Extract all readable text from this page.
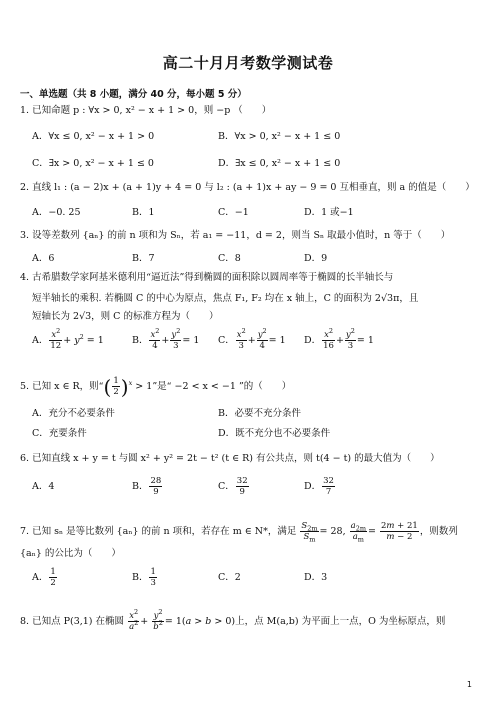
高二十月月考数学测试卷
一、单选题（共 8 小题，满分 40 分，每小题 5 分）
1. 已知命题 p : ∀x > 0, x² − x + 1 > 0，则 −p （　　）
A．∀x ≤ 0, x² − x + 1 > 0	B．∀x > 0, x² − x + 1 ≤ 0
C．∃x > 0, x² − x + 1 ≤ 0	D．∃x ≤ 0, x² − x + 1 ≤ 0
2. 直线 l₁ : (a − 2)x + (a + 1)y + 4 = 0 与 l₂ : (a + 1)x + ay − 9 = 0 互相垂直，则 a 的值是（　　）
A．−0. 25	B．1	C．−1	D．1 或−1
3. 设等差数列 {aₙ} 的前 n 项和为 Sₙ，若 a₁ = −11，d = 2，则当 Sₙ 取最小值时，n 等于（　　）
A．6	B．7	C．8	D．9
4. 古希腊数学家阿基米德利用“逼近法”得到椭圆的面积除以圆周率等于椭圆的长半轴长与
短半轴长的乘积. 若椭圆 C 的中心为原点，焦点 F₁, F₂ 均在 x 轴上，C 的面积为 2√3π，且
短轴长为 2√3，则 C 的标准方程为（　　）
A． $\frac{x^2}{12} + y^2 = 1$	B． $\frac{x^2}{4} + \frac{y^2}{3} = 1$ C． $\frac{x^2}{3} + \frac{y^2}{4} = 1$ D． $\frac{x^2}{16} + \frac{y^2}{3} = 1$
5. 已知 x ∈ R，则“( $\frac{1}{2} )^x > 1$”是“ −2 < x < −1 ”的（　　）
A．充分不必要条件	B．必要不充分条件
C．充要条件	D．既不充分也不必要条件
6. 已知直线 x + y = t 与圆 x² + y² = 2t − t² (t ∈ R) 有公共点，则 t(4 − t) 的最大值为（　　）
A．4	B． $\frac{28}{9}$	C． $\frac{32}{9}$	D． $\frac{32}{7}$
7. 已知 sₙ 是等比数列 {aₙ} 的前 n 项和，若存在 m ∈ N*，满足 $\frac{S_{2m}}{S_m} = 28$, $\frac{a_{2m}}{a_m} = \frac{2m + 21}{m - 2}$ ，则数列
{aₙ} 的公比为（　　）
A． $\frac{1}{2}$	B． $\frac{1}{3}$	C．2	D．3
8. 已知点 P(3,1) 在椭圆 $\frac{x^2}{a^2} + \frac{y^2}{b^2} = 1(a > b > 0)$上，点 M(a,b) 为平面上一点，O 为坐标原点，则
1
